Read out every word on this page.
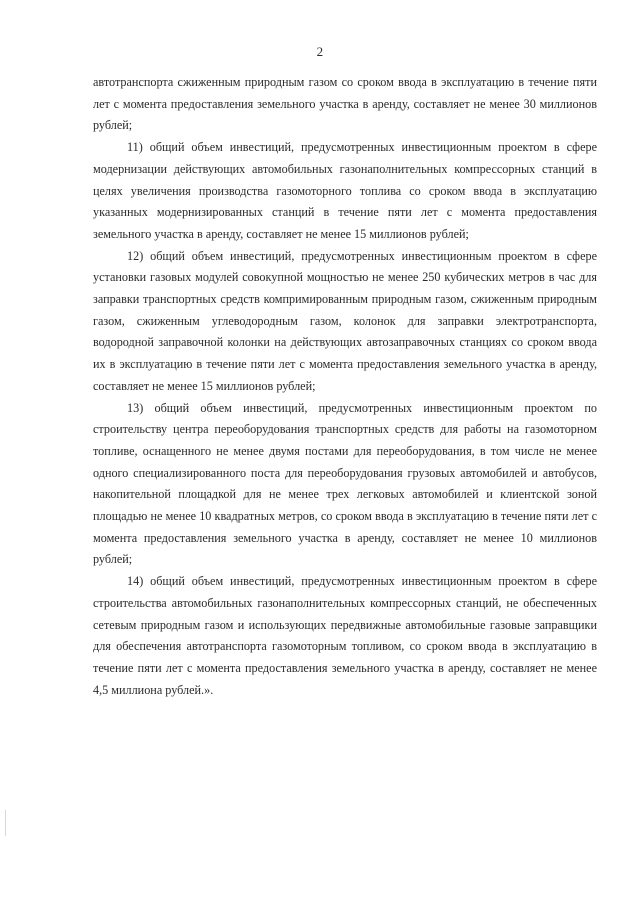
2

автотранспорта сжиженным природным газом со сроком ввода в эксплуатацию в течение пяти лет с момента предоставления земельного участка в аренду, составляет не менее 30 миллионов рублей;

11) общий объем инвестиций, предусмотренных инвестиционным проектом в сфере модернизации действующих автомобильных газонаполнительных компрессорных станций в целях увеличения производства газомоторного топлива со сроком ввода в эксплуатацию указанных модернизированных станций в течение пяти лет с момента предоставления земельного участка в аренду, составляет не менее 15 миллионов рублей;

12) общий объем инвестиций, предусмотренных инвестиционным проектом в сфере установки газовых модулей совокупной мощностью не менее 250 кубических метров в час для заправки транспортных средств компримированным природным газом, сжиженным природным газом, сжиженным углеводородным газом, колонок для заправки электротранспорта, водородной заправочной колонки на действующих автозаправочных станциях со сроком ввода их в эксплуатацию в течение пяти лет с момента предоставления земельного участка в аренду, составляет не менее 15 миллионов рублей;

13) общий объем инвестиций, предусмотренных инвестиционным проектом по строительству центра переоборудования транспортных средств для работы на газомоторном топливе, оснащенного не менее двумя постами для переоборудования, в том числе не менее одного специализированного поста для переоборудования грузовых автомобилей и автобусов, накопительной площадкой для не менее трех легковых автомобилей и клиентской зоной площадью не менее 10 квадратных метров, со сроком ввода в эксплуатацию в течение пяти лет с момента предоставления земельного участка в аренду, составляет не менее 10 миллионов рублей;

14) общий объем инвестиций, предусмотренных инвестиционным проектом в сфере строительства автомобильных газонаполнительных компрессорных станций, не обеспеченных сетевым природным газом и использующих передвижные автомобильные газовые заправщики для обеспечения автотранспорта газомоторным топливом, со сроком ввода в эксплуатацию в течение пяти лет с момента предоставления земельного участка в аренду, составляет не менее 4,5 миллиона рублей.».
